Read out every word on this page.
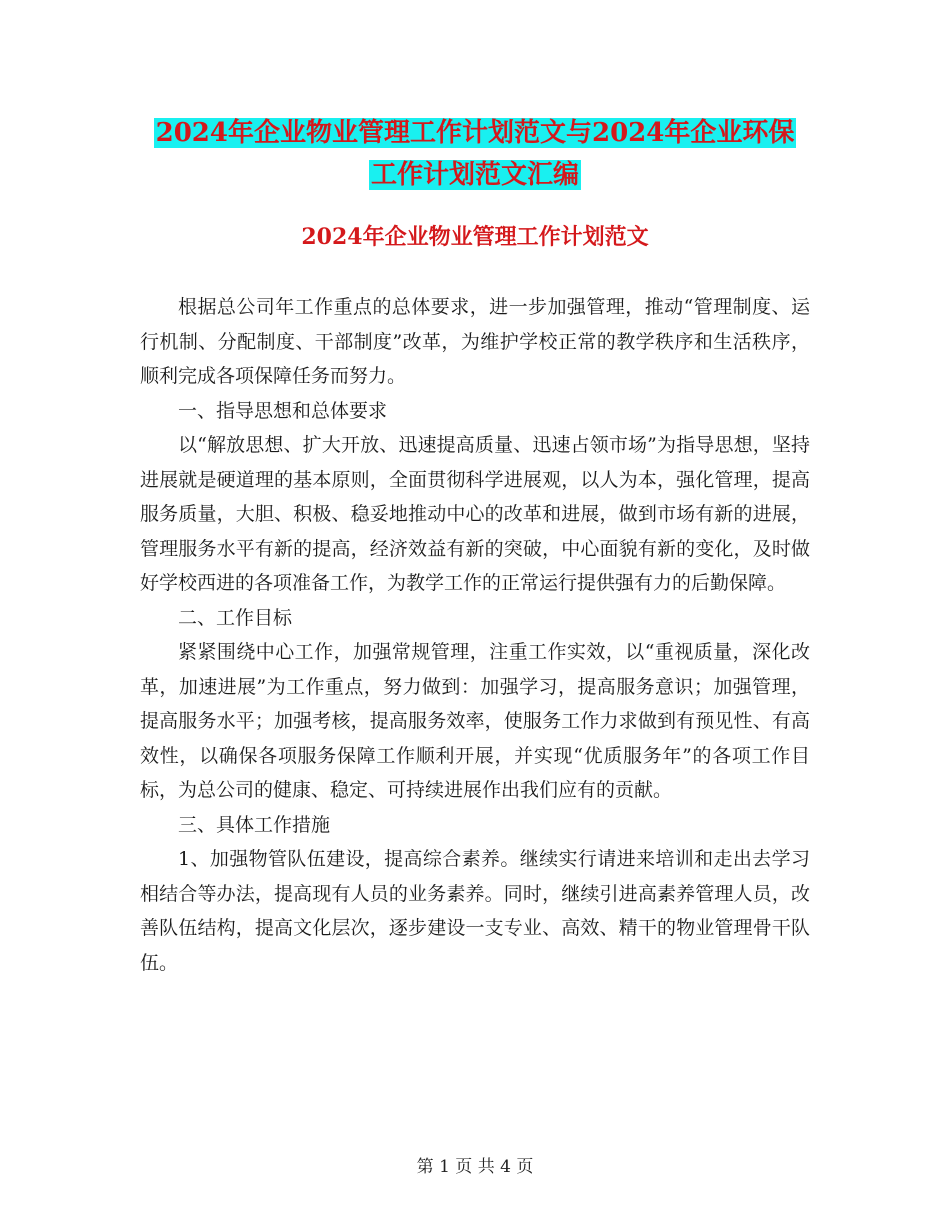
2024年企业物业管理工作计划范文与2024年企业环保
工作计划范文汇编
2024年企业物业管理工作计划范文

根据总公司年工作重点的总体要求，进一步加强管理，推动“管理制度、运行机制、分配制度、干部制度”改革，为维护学校正常的教学秩序和生活秩序，顺利完成各项保障任务而努力。

一、指导思想和总体要求

以“解放思想、扩大开放、迅速提高质量、迅速占领市场”为指导思想，坚持进展就是硬道理的基本原则，全面贯彻科学进展观，以人为本，强化管理，提高服务质量，大胆、积极、稳妥地推动中心的改革和进展，做到市场有新的进展，管理服务水平有新的提高，经济效益有新的突破，中心面貌有新的变化，及时做好学校西进的各项准备工作，为教学工作的正常运行提供强有力的后勤保障。

二、工作目标

紧紧围绕中心工作，加强常规管理，注重工作实效，以“重视质量，深化改革，加速进展”为工作重点，努力做到：加强学习，提高服务意识；加强管理，提高服务水平；加强考核，提高服务效率，使服务工作力求做到有预见性、有高效性，以确保各项服务保障工作顺利开展，并实现“优质服务年”的各项工作目标，为总公司的健康、稳定、可持续进展作出我们应有的贡献。

三、具体工作措施

1、加强物管队伍建设，提高综合素养。继续实行请进来培训和走出去学习相结合等办法，提高现有人员的业务素养。同时，继续引进高素养管理人员，改善队伍结构，提高文化层次，逐步建设一支专业、高效、精干的物业管理骨干队伍。

第 1 页 共 4 页
